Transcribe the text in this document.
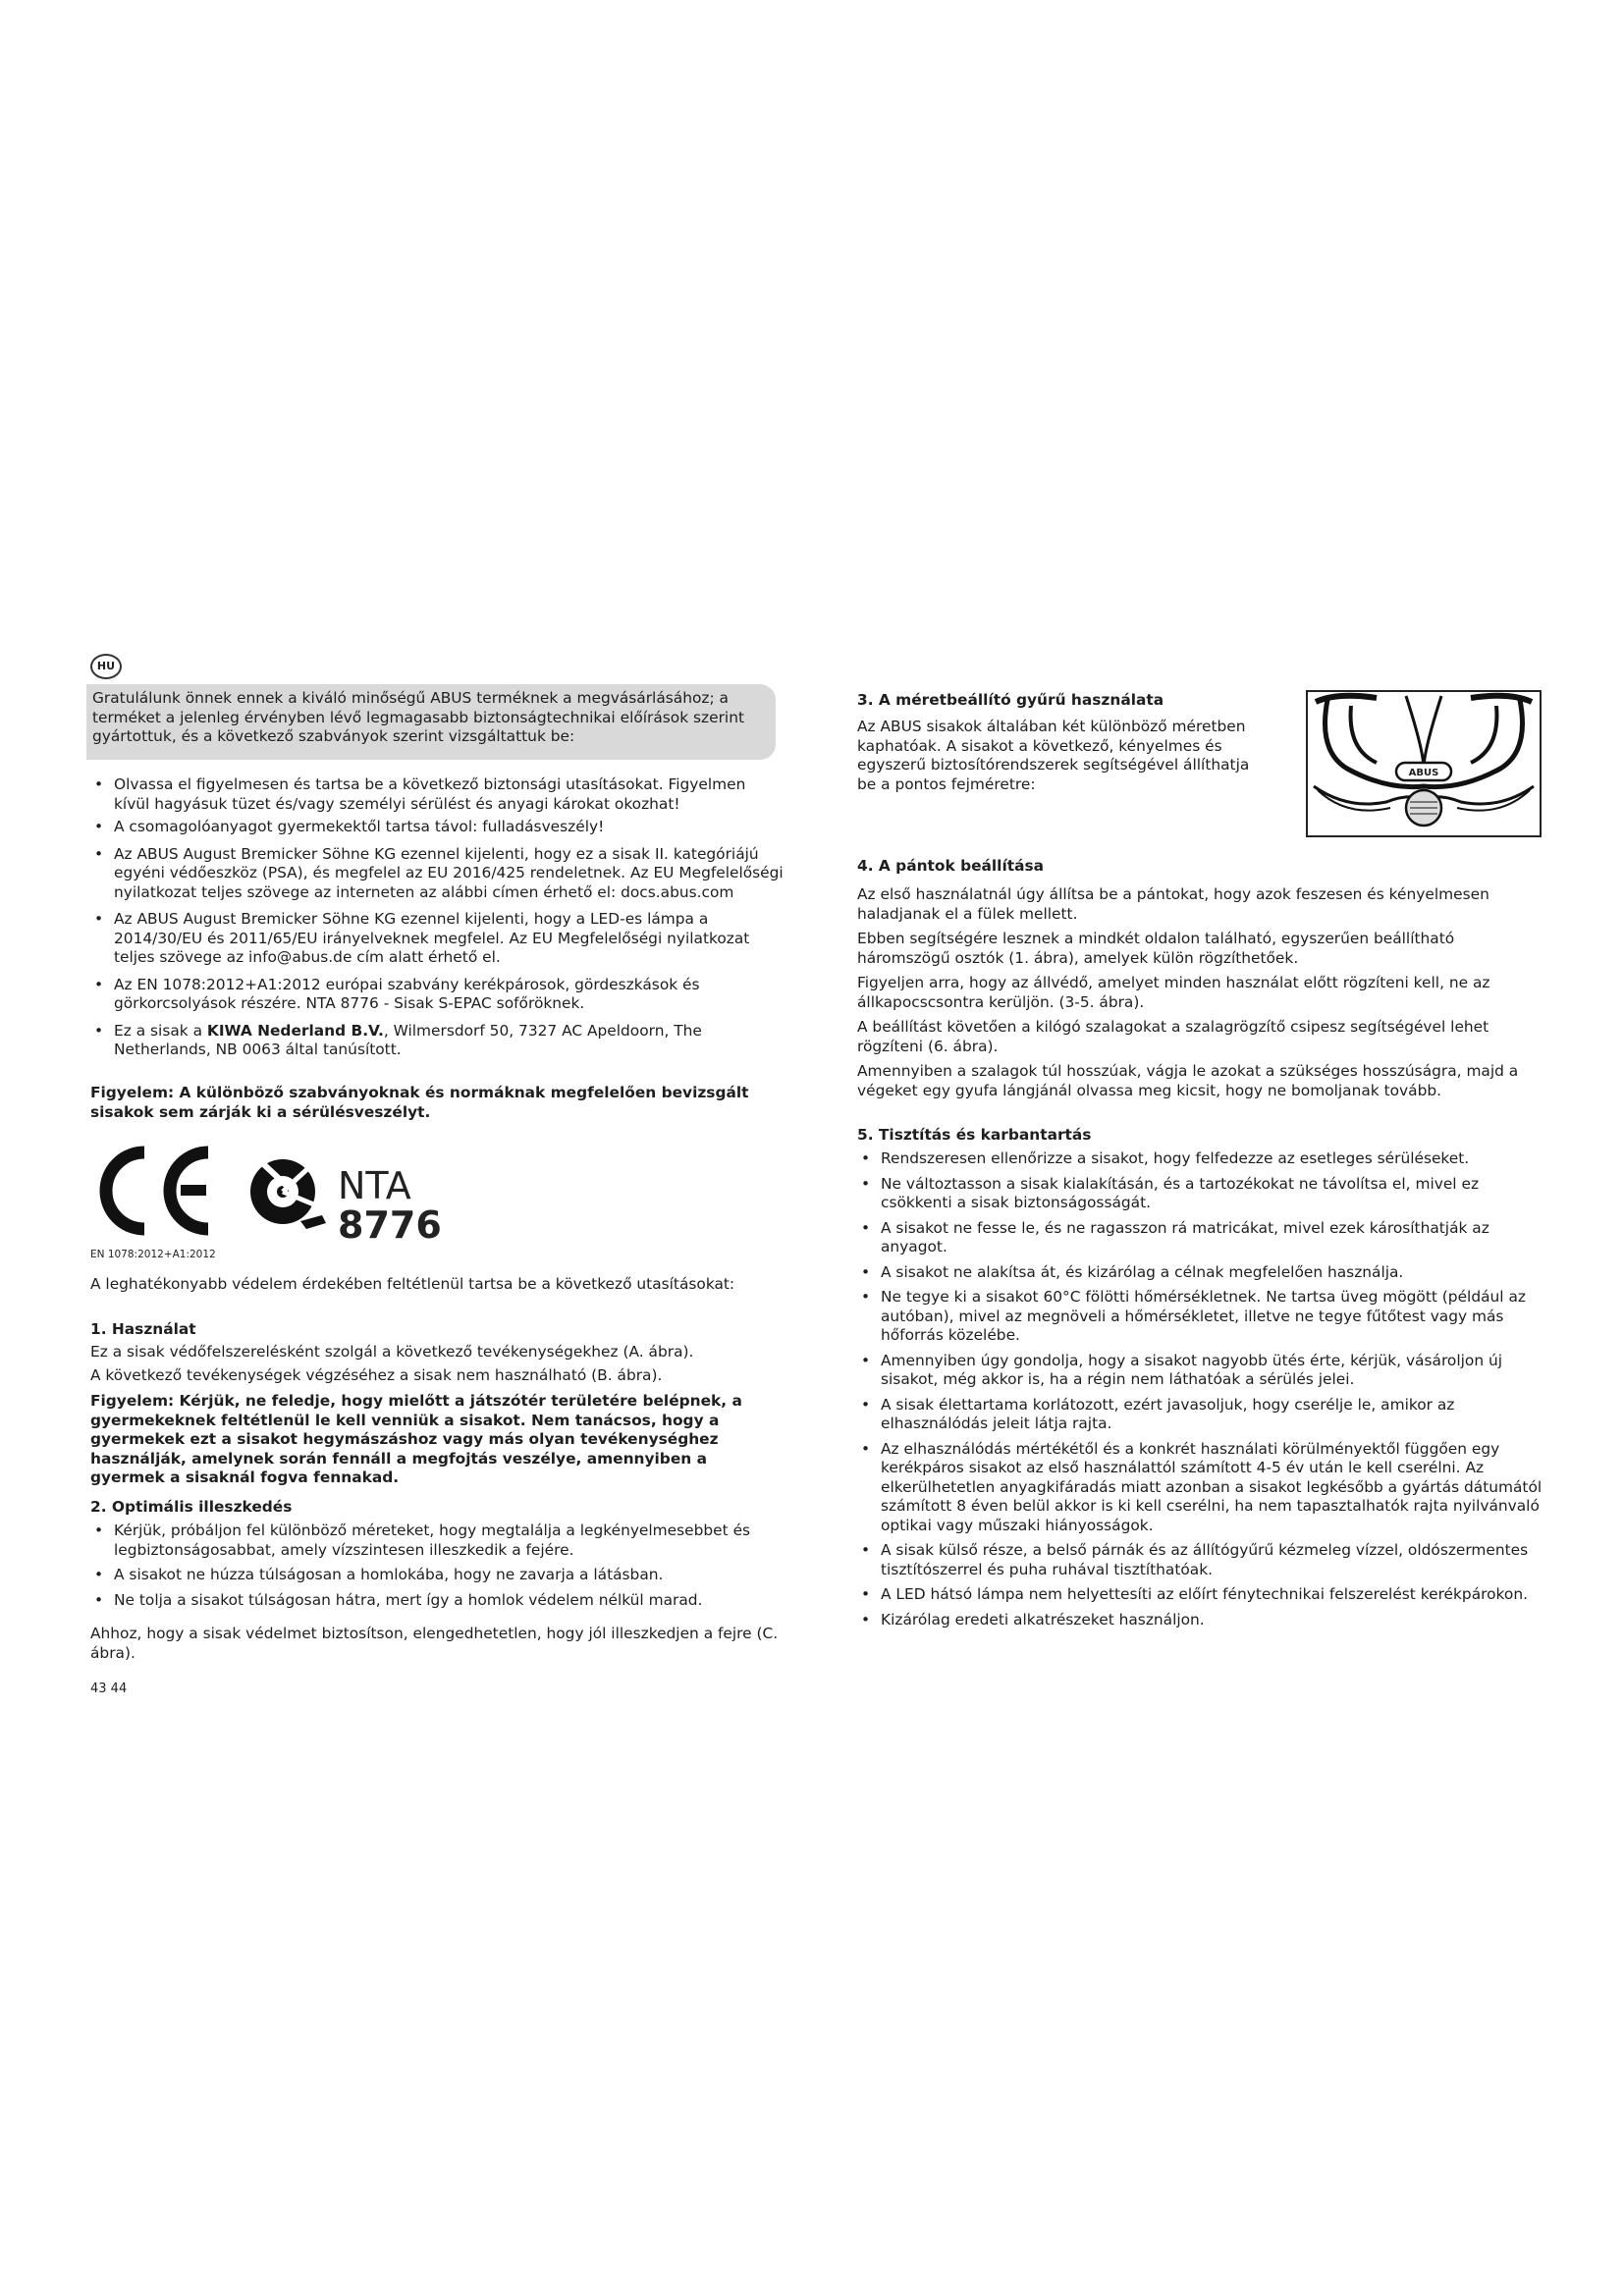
HU

Gratulálunk önnek ennek a kiváló minőségű ABUS terméknek a megvásárlásához; a terméket a jelenleg érvényben lévő legmagasabb biztonságtechnikai előírások szerint gyártottuk, és a következő szabványok szerint vizsgáltattuk be:

• Olvassa el figyelmesen és tartsa be a következő biztonsági utasításokat. Figyelmen kívül hagyásuk tüzet és/vagy személyi sérülést és anyagi károkat okozhat!
• A csomagolóanyagot gyermekektől tartsa távol: fulladásveszély!
• Az ABUS August Bremicker Söhne KG ezennel kijelenti, hogy ez a sisak II. kategóriájú egyéni védőeszköz (PSA), és megfelel az EU 2016/425 rendeletnek. Az EU Megfelelőségi nyilatkozat teljes szövege az interneten az alábbi címen érhető el: docs.abus.com
• Az ABUS August Bremicker Söhne KG ezennel kijelenti, hogy a LED-es lámpa a 2014/30/EU és 2011/65/EU irányelveknek megfelel. Az EU Megfelelőségi nyilatkozat teljes szövege az info@abus.de cím alatt érhető el.
• Az EN 1078:2012+A1:2012 európai szabvány kerékpárosok, gördeszkások és görkorcsolyások részére. NTA 8776 - Sisak S-EPAC sofőröknek.
• Ez a sisak a KIWA Nederland B.V., Wilmersdorf 50, 7327 AC Apeldoorn, The Netherlands, NB 0063 által tanúsított.

Figyelem: A különböző szabványoknak és normáknak megfelelően bevizsgált sisakok sem zárják ki a sérülésveszélyt.

NTA 8776
EN 1078:2012+A1:2012

A leghatékonyabb védelem érdekében feltétlenül tartsa be a következő utasításokat:

1. Használat

Ez a sisak védőfelszerelésként szolgál a következő tevékenységekhez (A. ábra).

A következő tevékenységek végzéséhez a sisak nem használható (B. ábra).

Figyelem: Kérjük, ne feledje, hogy mielőtt a játszótér területére belépnek, a gyermekeknek feltétlenül le kell venniük a sisakot. Nem tanácsos, hogy a gyermekek ezt a sisakot hegymászáshoz vagy más olyan tevékenységhez használják, amelynek során fennáll a megfojtás veszélye, amennyiben a gyermek a sisaknál fogva fennakad.

2. Optimális illeszkedés

• Kérjük, próbáljon fel különböző méreteket, hogy megtalálja a legkényelmesebbet és legbiztonságosabbat, amely vízszintesen illeszkedik a fejére.
• A sisakot ne húzza túlságosan a homlokába, hogy ne zavarja a látásban.
• Ne tolja a sisakot túlságosan hátra, mert így a homlok védelem nélkül marad.

Ahhoz, hogy a sisak védelmet biztosítson, elengedhetetlen, hogy jól illeszkedjen a fejre (C. ábra).

43 44

3. A méretbeállító gyűrű használata

Az ABUS sisakok általában két különböző méretben kaphatóak. A sisakot a következő, kényelmes és egyszerű biztosítórendszerek segítségével állíthatja be a pontos fejméretre:

4. A pántok beállítása

Az első használatnál úgy állítsa be a pántokat, hogy azok feszesen és kényelmesen haladjanak el a fülek mellett.

Ebben segítségére lesznek a mindkét oldalon található, egyszerűen beállítható háromszögű osztók (1. ábra), amelyek külön rögzíthetőek.

Figyeljen arra, hogy az állvédő, amelyet minden használat előtt rögzíteni kell, ne az állkapocscsontra kerüljön. (3-5. ábra).

A beállítást követően a kilógó szalagokat a szalagrögzítő csipesz segítségével lehet rögzíteni (6. ábra).

Amennyiben a szalagok túl hosszúak, vágja le azokat a szükséges hosszúságra, majd a végeket egy gyufa lángjánál olvassa meg kicsit, hogy ne bomoljanak tovább.

5. Tisztítás és karbantartás

• Rendszeresen ellenőrizze a sisakot, hogy felfedezze az esetleges sérüléseket.
• Ne változtasson a sisak kialakításán, és a tartozékokat ne távolítsa el, mivel ez csökkenti a sisak biztonságosságát.
• A sisakot ne fesse le, és ne ragasszon rá matricákat, mivel ezek károsíthatják az anyagot.
• A sisakot ne alakítsa át, és kizárólag a célnak megfelelően használja.
• Ne tegye ki a sisakot 60°C fölötti hőmérsékletnek. Ne tartsa üveg mögött (például az autóban), mivel az megnöveli a hőmérsékletet, illetve ne tegye fűtőtest vagy más hőforrás közelébe.
• Amennyiben úgy gondolja, hogy a sisakot nagyobb ütés érte, kérjük, vásároljon új sisakot, még akkor is, ha a régin nem láthatóak a sérülés jelei.
• A sisak élettartama korlátozott, ezért javasoljuk, hogy cserélje le, amikor az elhasználódás jeleit látja rajta.
• Az elhasználódás mértékétől és a konkrét használati körülményektől függően egy kerékpáros sisakot az első használattól számított 4-5 év után le kell cserélni. Az elkerülhetetlen anyagkifáradás miatt azonban a sisakot legkésőbb a gyártás dátumától számított 8 éven belül akkor is ki kell cserélni, ha nem tapasztalhatók rajta nyilvánvaló optikai vagy műszaki hiányosságok.
• A sisak külső része, a belső párnák és az állítógyűrű kézmeleg vízzel, oldószermentes tisztítószerrel és puha ruhával tisztíthatóak.
• A LED hátsó lámpa nem helyettesíti az előírt fénytechnikai felszerelést kerékpárokon.
• Kizárólag eredeti alkatrészeket használjon.
ABUS
